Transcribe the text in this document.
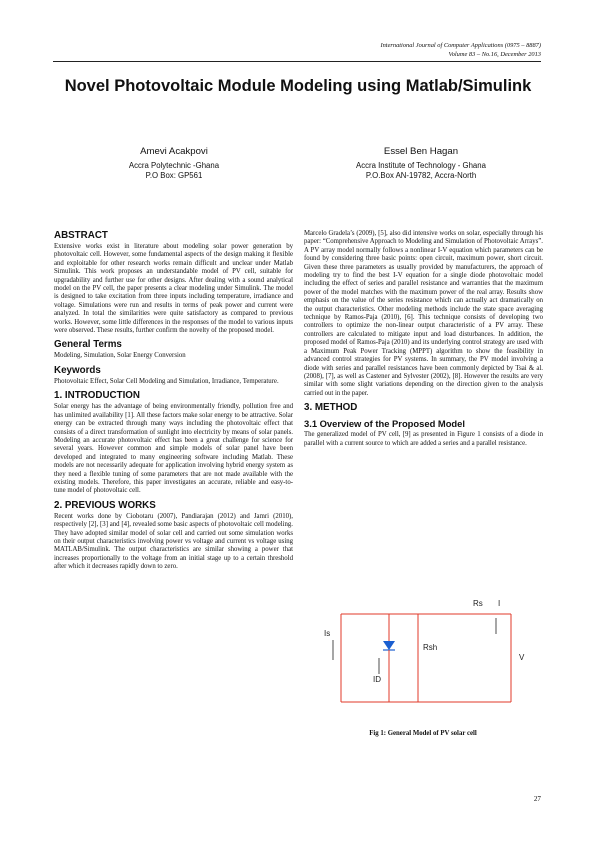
International Journal of Computer Applications (0975 – 8887)
Volume 83 – No.16, December 2013
Novel Photovoltaic Module Modeling using Matlab/Simulink
Amevi Acakpovi
Accra Polytechnic -Ghana
P.O Box: GP561
Essel Ben Hagan
Accra Institute of Technology - Ghana
P.O.Box AN-19782, Accra-North
ABSTRACT

Extensive works exist in literature about modeling solar power generation by photovoltaic cell. However, some fundamental aspects of the design making it flexible and exploitable for other research works remain difficult and unclear under Matlab Simulink. This work proposes an understandable model of PV cell, suitable for upgradability and further use for other designs. After dealing with a sound analytical model on the PV cell, the paper presents a clear modeling under Simulink. The model is designed to take excitation from three inputs including temperature, irradiance and voltage. Simulations were run and results in terms of peak power and current were analyzed. In total the similarities were quite satisfactory as compared to previous works. However, some little differences in the responses of the model to various inputs were observed. These results, further confirm the novelty of the proposed model.

General Terms

Modeling, Simulation, Solar Energy Conversion

Keywords

Photovoltaic Effect, Solar Cell Modeling and Simulation, Irradiance, Temperature.

1. INTRODUCTION

Solar energy has the advantage of being environmentally friendly, pollution free and has unlimited availability [1]. All these factors make solar energy to be attractive. Solar energy can be extracted through many ways including the photovoltaic effect that consists of a direct transformation of sunlight into electricity by means of solar panels. Modeling an accurate photovoltaic effect has been a great challenge for science for several years. However common and simple models of solar panel have been developed and integrated to many engineering software including Matlab. These models are not necessarily adequate for application involving hybrid energy system as they need a flexible tuning of some parameters that are not made available with the existing models. Therefore, this paper investigates an accurate, reliable and easy-to-tune model of photovoltaic cell.

2. PREVIOUS WORKS

Recent works done by Ciobotaru (2007), Pandiarajan (2012) and Jamri (2010), respectively [2], [3] and [4], revealed some basic aspects of photovoltaic cell modeling. They have adopted similar model of solar cell and carried out some simulation works on their output characteristics involving power vs voltage and current vs voltage using MATLAB/Simulink. The output characteristics are similar showing a power that increases proportionally to the voltage from an initial stage up to a certain threshold after which it decreases rapidly down to zero.

Marcelo Gradela’s (2009), [5], also did intensive works on solar, especially through his paper: “Comprehensive Approach to Modeling and Simulation of Photovoltaic Arrays”. A PV array model normally follows a nonlinear I-V equation which parameters can be found by considering three basic points: open circuit, maximum power, short circuit. Given these three parameters as usually provided by manufacturers, the approach of modeling try to find the best I-V equation for a single diode photovoltaic model including the effect of series and parallel resistance and warranties that the maximum power of the model matches with the maximum power of the real array. Results show emphasis on the value of the series resistance which can actually act dramatically on the output characteristics. Other modeling methods include the state space averaging technique by Ramos-Paja (2010), [6]. This technique consists of developing two controllers to optimize the non-linear output characteristic of a PV array. These controllers are calculated to mitigate input and load disturbances. In addition, the proposed model of Ramos-Paja (2010) and its underlying control strategy are used with a Maximum Peak Power Tracking (MPPT) algorithm to show the feasibility in advanced control strategies for PV systems. In summary, the PV model involving a diode with series and parallel resistances have been commonly depicted by Tsai & al. (2008), [7], as well as Castener and Sylvester (2002), [8]. However the results are very similar with some slight variations depending on the direction given to the analysis carried out in the paper.

3. METHOD
3.1 Overview of the Proposed Model

The generalized model of PV cell, [9] as presented in Figure 1 consists of a diode in parallel with a current source to which are added a series and a parallel resistance.

Is
ID
Rsh
Rs I
V
Fig 1: General Model of PV solar cell
27
